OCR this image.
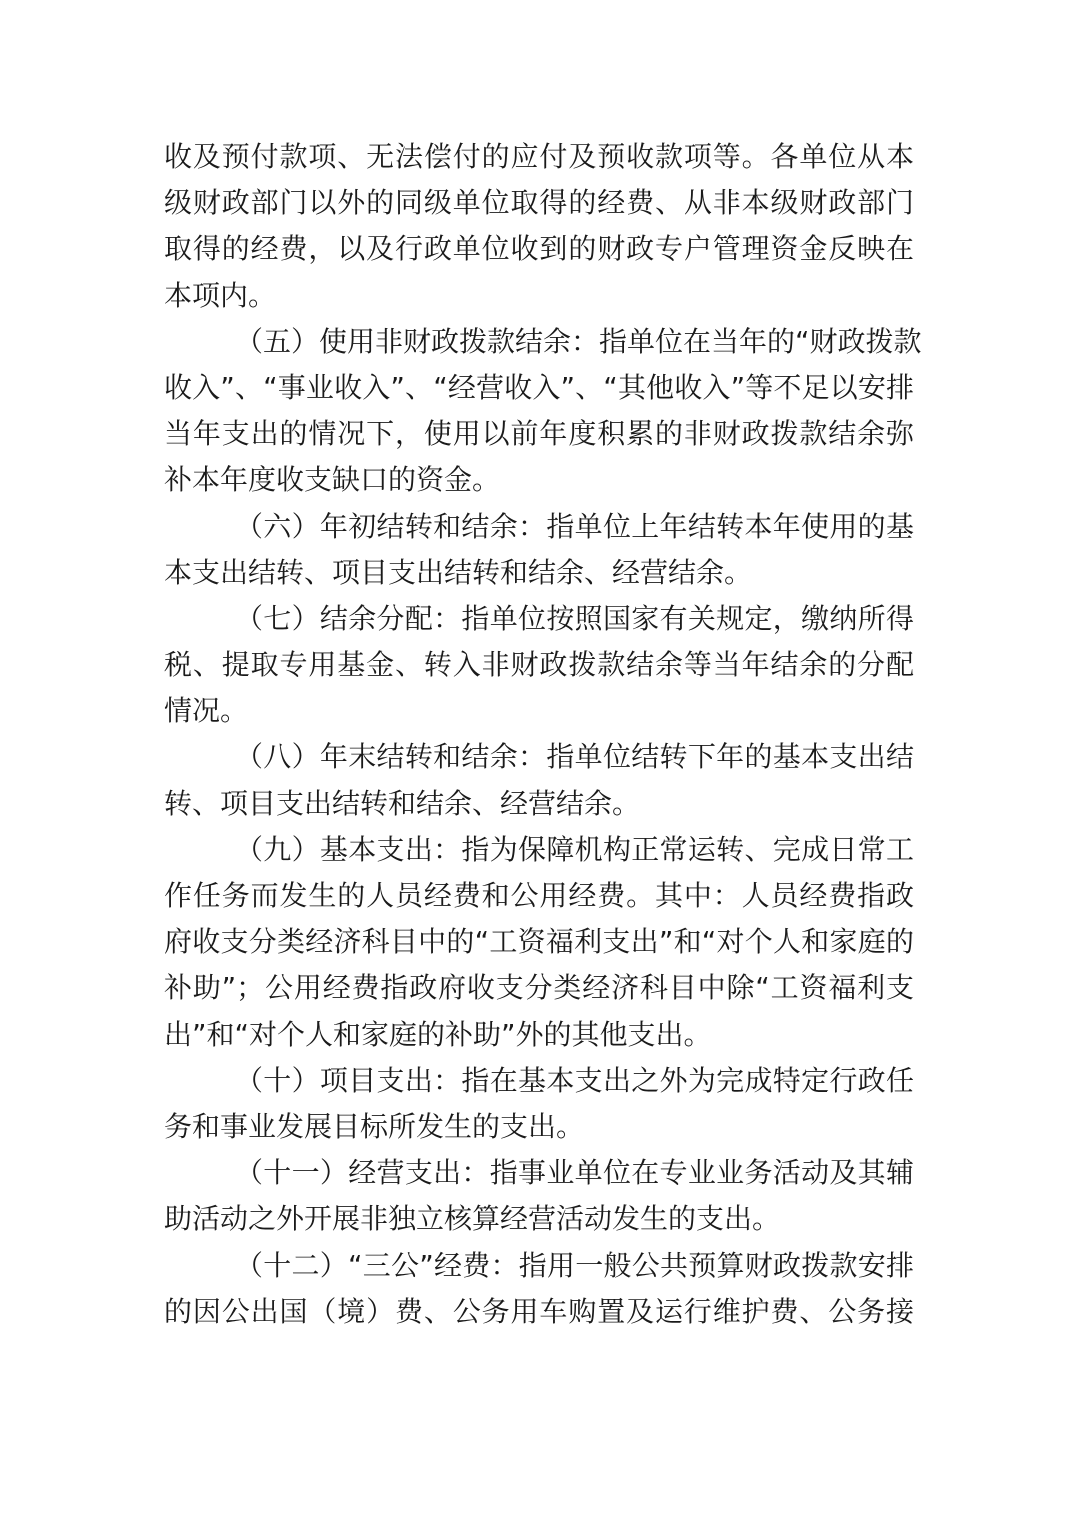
收及预付款项、无法偿付的应付及预收款项等。各单位从本
级财政部门以外的同级单位取得的经费、从非本级财政部门
取得的经费，以及行政单位收到的财政专户管理资金反映在
本项内。
（五）使用非财政拨款结余：指单位在当年的“财政拨款
收入”、“事业收入”、“经营收入”、“其他收入”等不足以安排
当年支出的情况下，使用以前年度积累的非财政拨款结余弥
补本年度收支缺口的资金。
（六）年初结转和结余：指单位上年结转本年使用的基
本支出结转、项目支出结转和结余、经营结余。
（七）结余分配：指单位按照国家有关规定，缴纳所得
税、提取专用基金、转入非财政拨款结余等当年结余的分配
情况。
（八）年末结转和结余：指单位结转下年的基本支出结
转、项目支出结转和结余、经营结余。
（九）基本支出：指为保障机构正常运转、完成日常工
作任务而发生的人员经费和公用经费。其中：人员经费指政
府收支分类经济科目中的“工资福利支出”和“对个人和家庭的
补助”；公用经费指政府收支分类经济科目中除“工资福利支
出”和“对个人和家庭的补助”外的其他支出。
（十）项目支出：指在基本支出之外为完成特定行政任
务和事业发展目标所发生的支出。
（十一）经营支出：指事业单位在专业业务活动及其辅
助活动之外开展非独立核算经营活动发生的支出。
（十二）“三公”经费：指用一般公共预算财政拨款安排
的因公出国（境）费、公务用车购置及运行维护费、公务接
